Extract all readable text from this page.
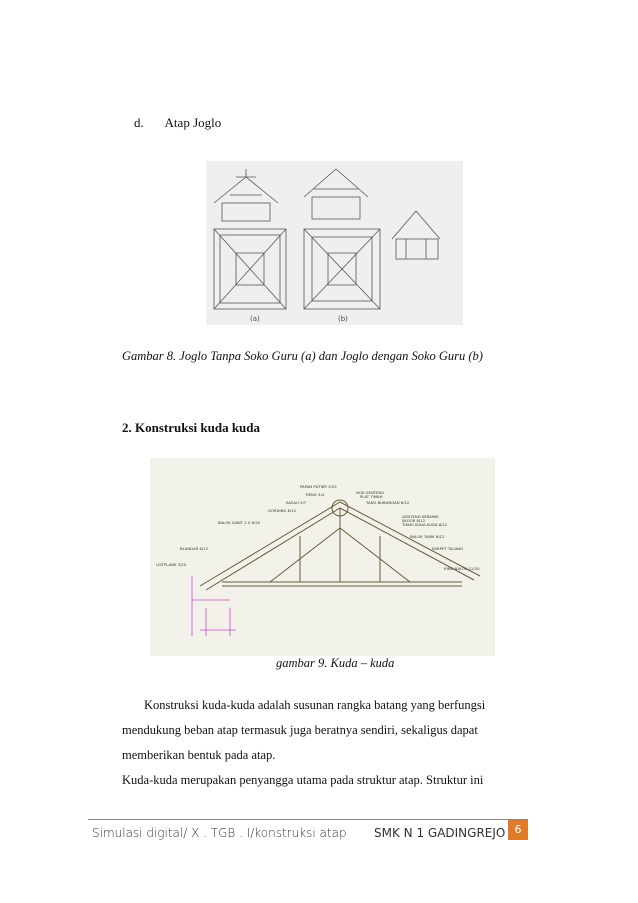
d. Atap Joglo
(a)	(b)
Gambar 8. Joglo Tanpa Soko Guru (a) dan Joglo dengan Soko Guru (b)
2. Konstruksi kuda kuda
PAPAN PUTIER 3/25
RENG 3/4
KASAU 5/7
GORDING 8/12
BALOK SABIT 2 X 6/20
BLANDAR 8/12
LISTPLANK 3/20
NOK GENTENG
PLAT TIMAH
TANG BUBUNGAN 8/12
GENTENG KERAMIK
SKOOR 8/12
TIANG KUDA-KUDA 8/12
BALOK TARIK 8/12
KARPET TALANG
RING BALOK 12/20
gambar 9. Kuda – kuda

Konstruksi kuda-kuda adalah susunan rangka batang yang berfungsi

mendukung beban atap termasuk juga beratnya sendiri, sekaligus dapat

memberikan bentuk pada atap.

Kuda-kuda merupakan penyangga utama pada struktur atap. Struktur ini

Simulasi digital/ X . TGB . I/konstruksi atap SMK N 1 GADINGREJO 6
